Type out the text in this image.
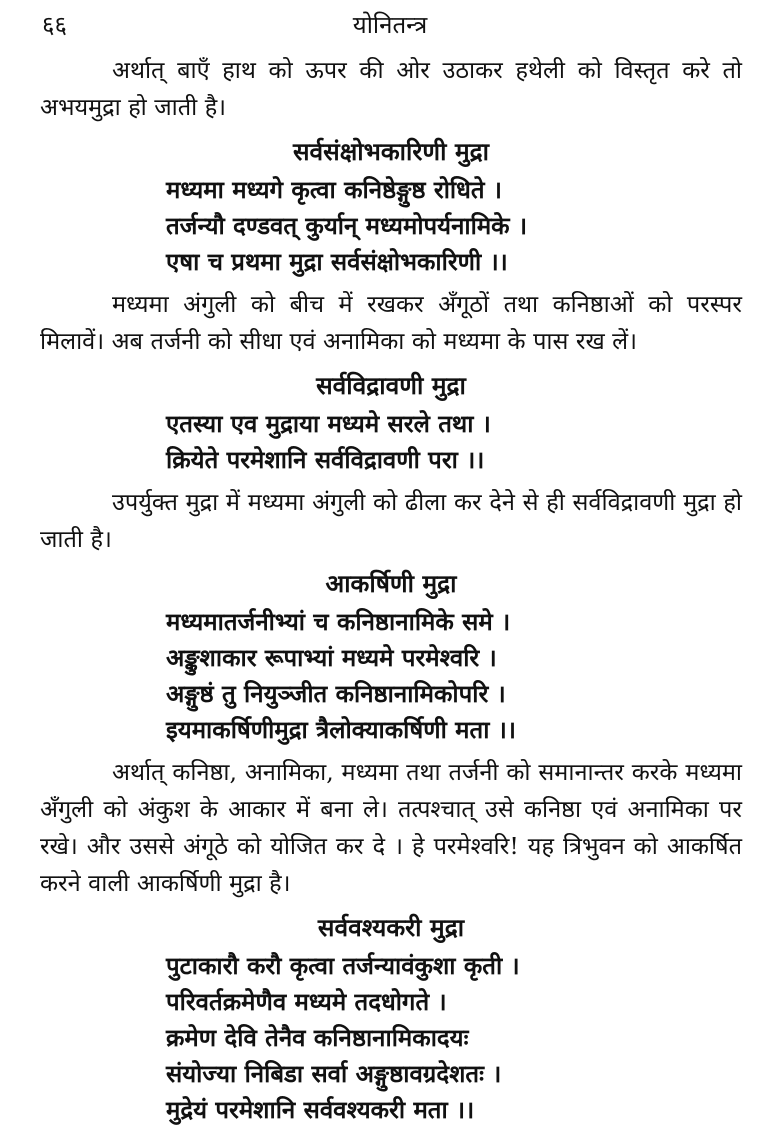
६६	योनितन्त्र

अर्थात् बाएँ हाथ को ऊपर की ओर उठाकर हथेली को विस्तृत करे तो अभयमुद्रा हो जाती है।

सर्वसंक्षोभकारिणी मुद्रा
मध्यमा मध्यगे कृत्वा कनिष्ठेङ्गुष्ठ रोधिते ।
तर्जन्यौ दण्डवत् कुर्यान् मध्यमोपर्यनामिके ।
एषा च प्रथमा मुद्रा सर्वसंक्षोभकारिणी ।।

मध्यमा अंगुली को बीच में रखकर अँगूठों तथा कनिष्ठाओं को परस्पर मिलावें। अब तर्जनी को सीधा एवं अनामिका को मध्यमा के पास रख लें।

सर्वविद्रावणी मुद्रा
एतस्या एव मुद्राया मध्यमे सरले तथा ।
क्रियेते परमेशानि सर्वविद्रावणी परा ।।

उपर्युक्त मुद्रा में मध्यमा अंगुली को ढीला कर देने से ही सर्वविद्रावणी मुद्रा हो जाती है।

आकर्षिणी मुद्रा
मध्यमातर्जनीभ्यां च कनिष्ठानामिके समे ।
अङ्कुशाकार रूपाभ्यां मध्यमे परमेश्वरि ।
अङ्गुष्ठं तु नियुञ्जीत कनिष्ठानामिकोपरि ।
इयमाकर्षिणीमुद्रा त्रैलोक्याकर्षिणी मता ।।

अर्थात् कनिष्ठा, अनामिका, मध्यमा तथा तर्जनी को समानान्तर करके मध्यमा अँगुली को अंकुश के आकार में बना ले। तत्पश्चात् उसे कनिष्ठा एवं अनामिका पर रखे। और उससे अंगूठे को योजित कर दे । हे परमेश्वरि! यह त्रिभुवन को आकर्षित करने वाली आकर्षिणी मुद्रा है।

सर्ववश्यकरी मुद्रा
पुटाकारौ करौ कृत्वा तर्जन्यावंकुशा कृती ।
परिवर्तक्रमेणैव मध्यमे तदधोगते ।
क्रमेण देवि तेनैव कनिष्ठानामिकादयः
संयोज्या निबिडा सर्वा अङ्गुष्ठावग्रदेशतः ।
मुद्रेयं परमेशानि सर्ववश्यकरी मता ।।
